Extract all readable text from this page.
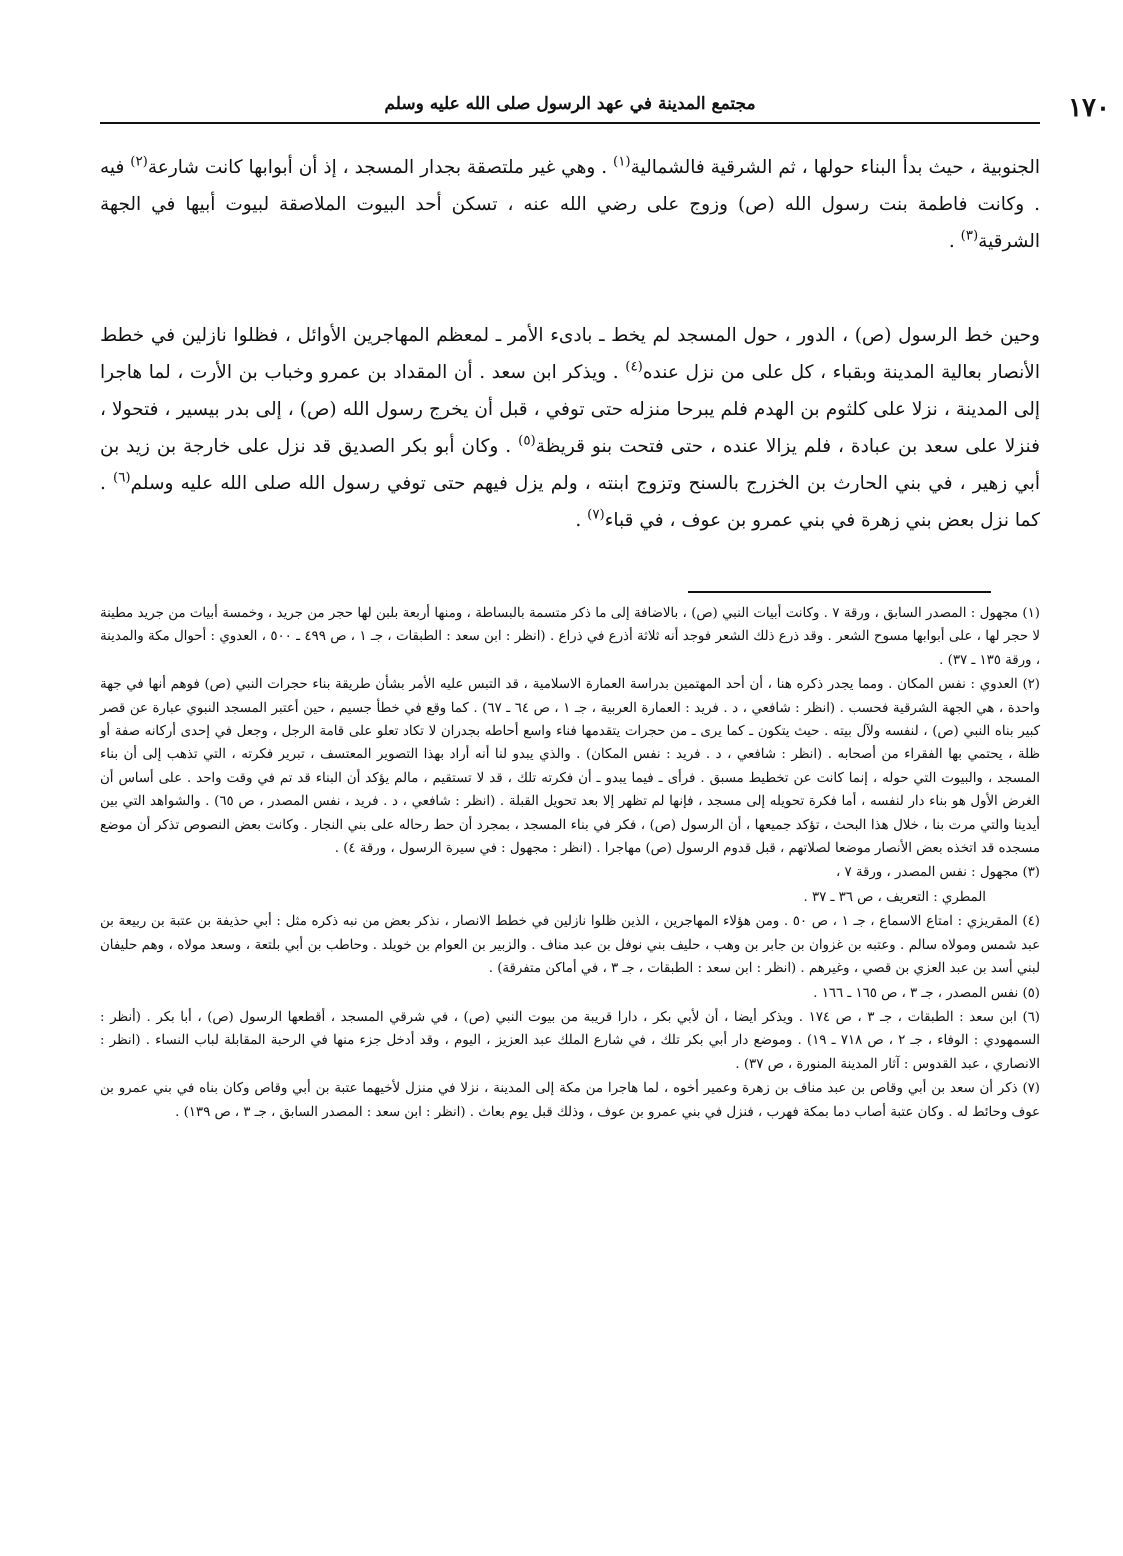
مجتمع المدينة في عهد الرسول صلى الله عليه وسلم	١٧٠

الجنوبية ، حيث بدأ البناء حولها ، ثم الشرقية فالشمالية$^{(١)}$ . وهي غير ملتصقة بجدار المسجد ، إذ أن أبوابها كانت شارعة$^{(٢)}$ فيه . وكانت فاطمة بنت رسول الله (ص) وزوج على رضي الله عنه ، تسكن أحد البيوت الملاصقة لبيوت أبيها في الجهة الشرقية$^{(٣)}$ .

وحين خط الرسول (ص) ، الدور ، حول المسجد لم يخط ـ بادىء الأمر ـ لمعظم المهاجرين الأوائل ، فظلوا نازلين في خطط الأنصار بعالية المدينة وبقباء ، كل على من نزل عنده$^{(٤)}$ . ويذكر ابن سعد . أن المقداد بن عمرو وخباب بن الأرت ، لما هاجرا إلى المدينة ، نزلا على كلثوم بن الهدم فلم يبرحا منزله حتى توفي ، قبل أن يخرج رسول الله (ص) ، إلى بدر بيسير ، فتحولا ، فنزلا على سعد بن عبادة ، فلم يزالا عنده ، حتى فتحت بنو قريظة$^{(٥)}$ . وكان أبو بكر الصديق قد نزل على خارجة بن زيد بن أبي زهير ، في بني الحارث بن الخزرج بالسنح وتزوج ابنته ، ولم يزل فيهم حتى توفي رسول الله صلى الله عليه وسلم$^{(٦)}$ . كما نزل بعض بني زهرة في بني عمرو بن عوف ، في قباء$^{(٧)}$ .

(١) مجهول : المصدر السابق ، ورقة ٧ . وكانت أبيات النبي (ص) ، بالاضافة إلى ما ذكر متسمة بالبساطة ، ومنها أربعة بلبن لها حجر من جريد ، وخمسة أبيات من جريد مطينة لا حجر لها ، على أبوابها مسوح الشعر . وقد ذرع ذلك الشعر فوجد أنه ثلاثة أذرع في ذراع . (انظر : ابن سعد : الطبقات ، جـ ١ ، ص ٤٩٩ ـ ٥٠٠ ، العدوي : أحوال مكة والمدينة ، ورقة ١٣٥ ـ ٣٧) .

(٢) العدوي : نفس المكان . ومما يجدر ذكره هنا ، أن أحد المهتمين بدراسة العمارة الاسلامية ، قد التبس عليه الأمر بشأن طريقة بناء حجرات النبي (ص) فوهم أنها في جهة واحدة ، هي الجهة الشرقية فحسب . (انظر : شافعي ، د . فريد : العمارة العربية ، جـ ١ ، ص ٦٤ ـ ٦٧) . كما وقع في خطأ جسيم ، حين أعتبر المسجد النبوي عبارة عن قصر كبير بناه النبي (ص) ، لنفسه ولآل بيته . حيث يتكون ـ كما يرى ـ من حجرات يتقدمها فناء واسع أحاطه بجدران لا تكاد تعلو على قامة الرجل ، وجعل في إحدى أركانه صفة أو ظلة ، يحتمي بها الفقراء من أصحابه . (انظر : شافعي ، د . فريد : نفس المكان) . والذي يبدو لنا أنه أراد بهذا التصوير المعتسف ، تبرير فكرته ، التي تذهب إلى أن بناء المسجد ، والبيوت التي حوله ، إنما كانت عن تخطيط مسبق . فرأى ـ فيما يبدو ـ أن فكرته تلك ، قد لا تستقيم ، مالم يؤكد أن البناء قد تم في وقت واحد . على أساس أن الغرض الأول هو بناء دار لنفسه ، أما فكرة تحويله إلى مسجد ، فإنها لم تظهر إلا بعد تحويل القبلة . (انظر : شافعي ، د . فريد ، نفس المصدر ، ص ٦٥) . والشواهد التي بين أيدينا والتي مرت بنا ، خلال هذا البحث ، تؤكد جميعها ، أن الرسول (ص) ، فكر في بناء المسجد ، بمجرد أن حط رحاله على بني النجار . وكانت بعض النصوص تذكر أن موضع مسجده قد اتخذه بعض الأنصار موضعا لصلاتهم ، قبل قدوم الرسول (ص) مهاجرا . (انظر : مجهول : في سيرة الرسول ، ورقة ٤) .

(٣) مجهول : نفس المصدر ، ورقة ٧ ،

المطري : التعريف ، ص ٣٦ ـ ٣٧ .

(٤) المقريزي : امتاع الاسماع ، جـ ١ ، ص ٥٠ . ومن هؤلاء المهاجرين ، الذين ظلوا نازلين في خطط الانصار ، نذكر بعض من نبه ذكره مثل : أبي حذيفة بن عتبة بن ربيعة بن عبد شمس ومولاه سالم . وعتبه بن غزوان بن جابر بن وهب ، حليف بني نوفل بن عبد مناف . والزبير بن العوام بن خويلد . وحاطب بن أبي بلتعة ، وسعد مولاه ، وهم حليفان لبني أسد بن عبد العزي بن قصي ، وغيرهم . (انظر : ابن سعد : الطبقات ، جـ ٣ ، في أماكن متفرقة) .

(٥) نفس المصدر ، جـ ٣ ، ص ١٦٥ ـ ١٦٦ .

(٦) ابن سعد : الطبقات ، جـ ٣ ، ص ١٧٤ . ويذكر أيضا ، أن لأبي بكر ، دارا قريبة من بيوت النبي (ص) ، في شرقي المسجد ، أقطعها الرسول (ص) ، أبا بكر . (أنظر : السمهودي : الوفاء ، جـ ٢ ، ص ٧١٨ ـ ١٩) . وموضع دار أبي بكر تلك ، في شارع الملك عبد العزيز ، اليوم ، وقد أدخل جزء منها في الرحبة المقابلة لباب النساء . (انظر : الانصاري ، عبد القدوس : آثار المدينة المنورة ، ص ٣٧) .

(٧) ذكر أن سعد بن أبي وقاص بن عبد مناف بن زهرة وعمير أخوه ، لما هاجرا من مكة إلى المدينة ، نزلا في منزل لأخيهما عتبة بن أبي وقاص وكان بناه في بني عمرو بن عوف وحائط له . وكان عتبة أصاب دما بمكة فهرب ، فنزل في بني عمرو بن عوف ، وذلك قبل يوم بعاث . (انظر : ابن سعد : المصدر السابق ، جـ ٣ ، ص ١٣٩) .
